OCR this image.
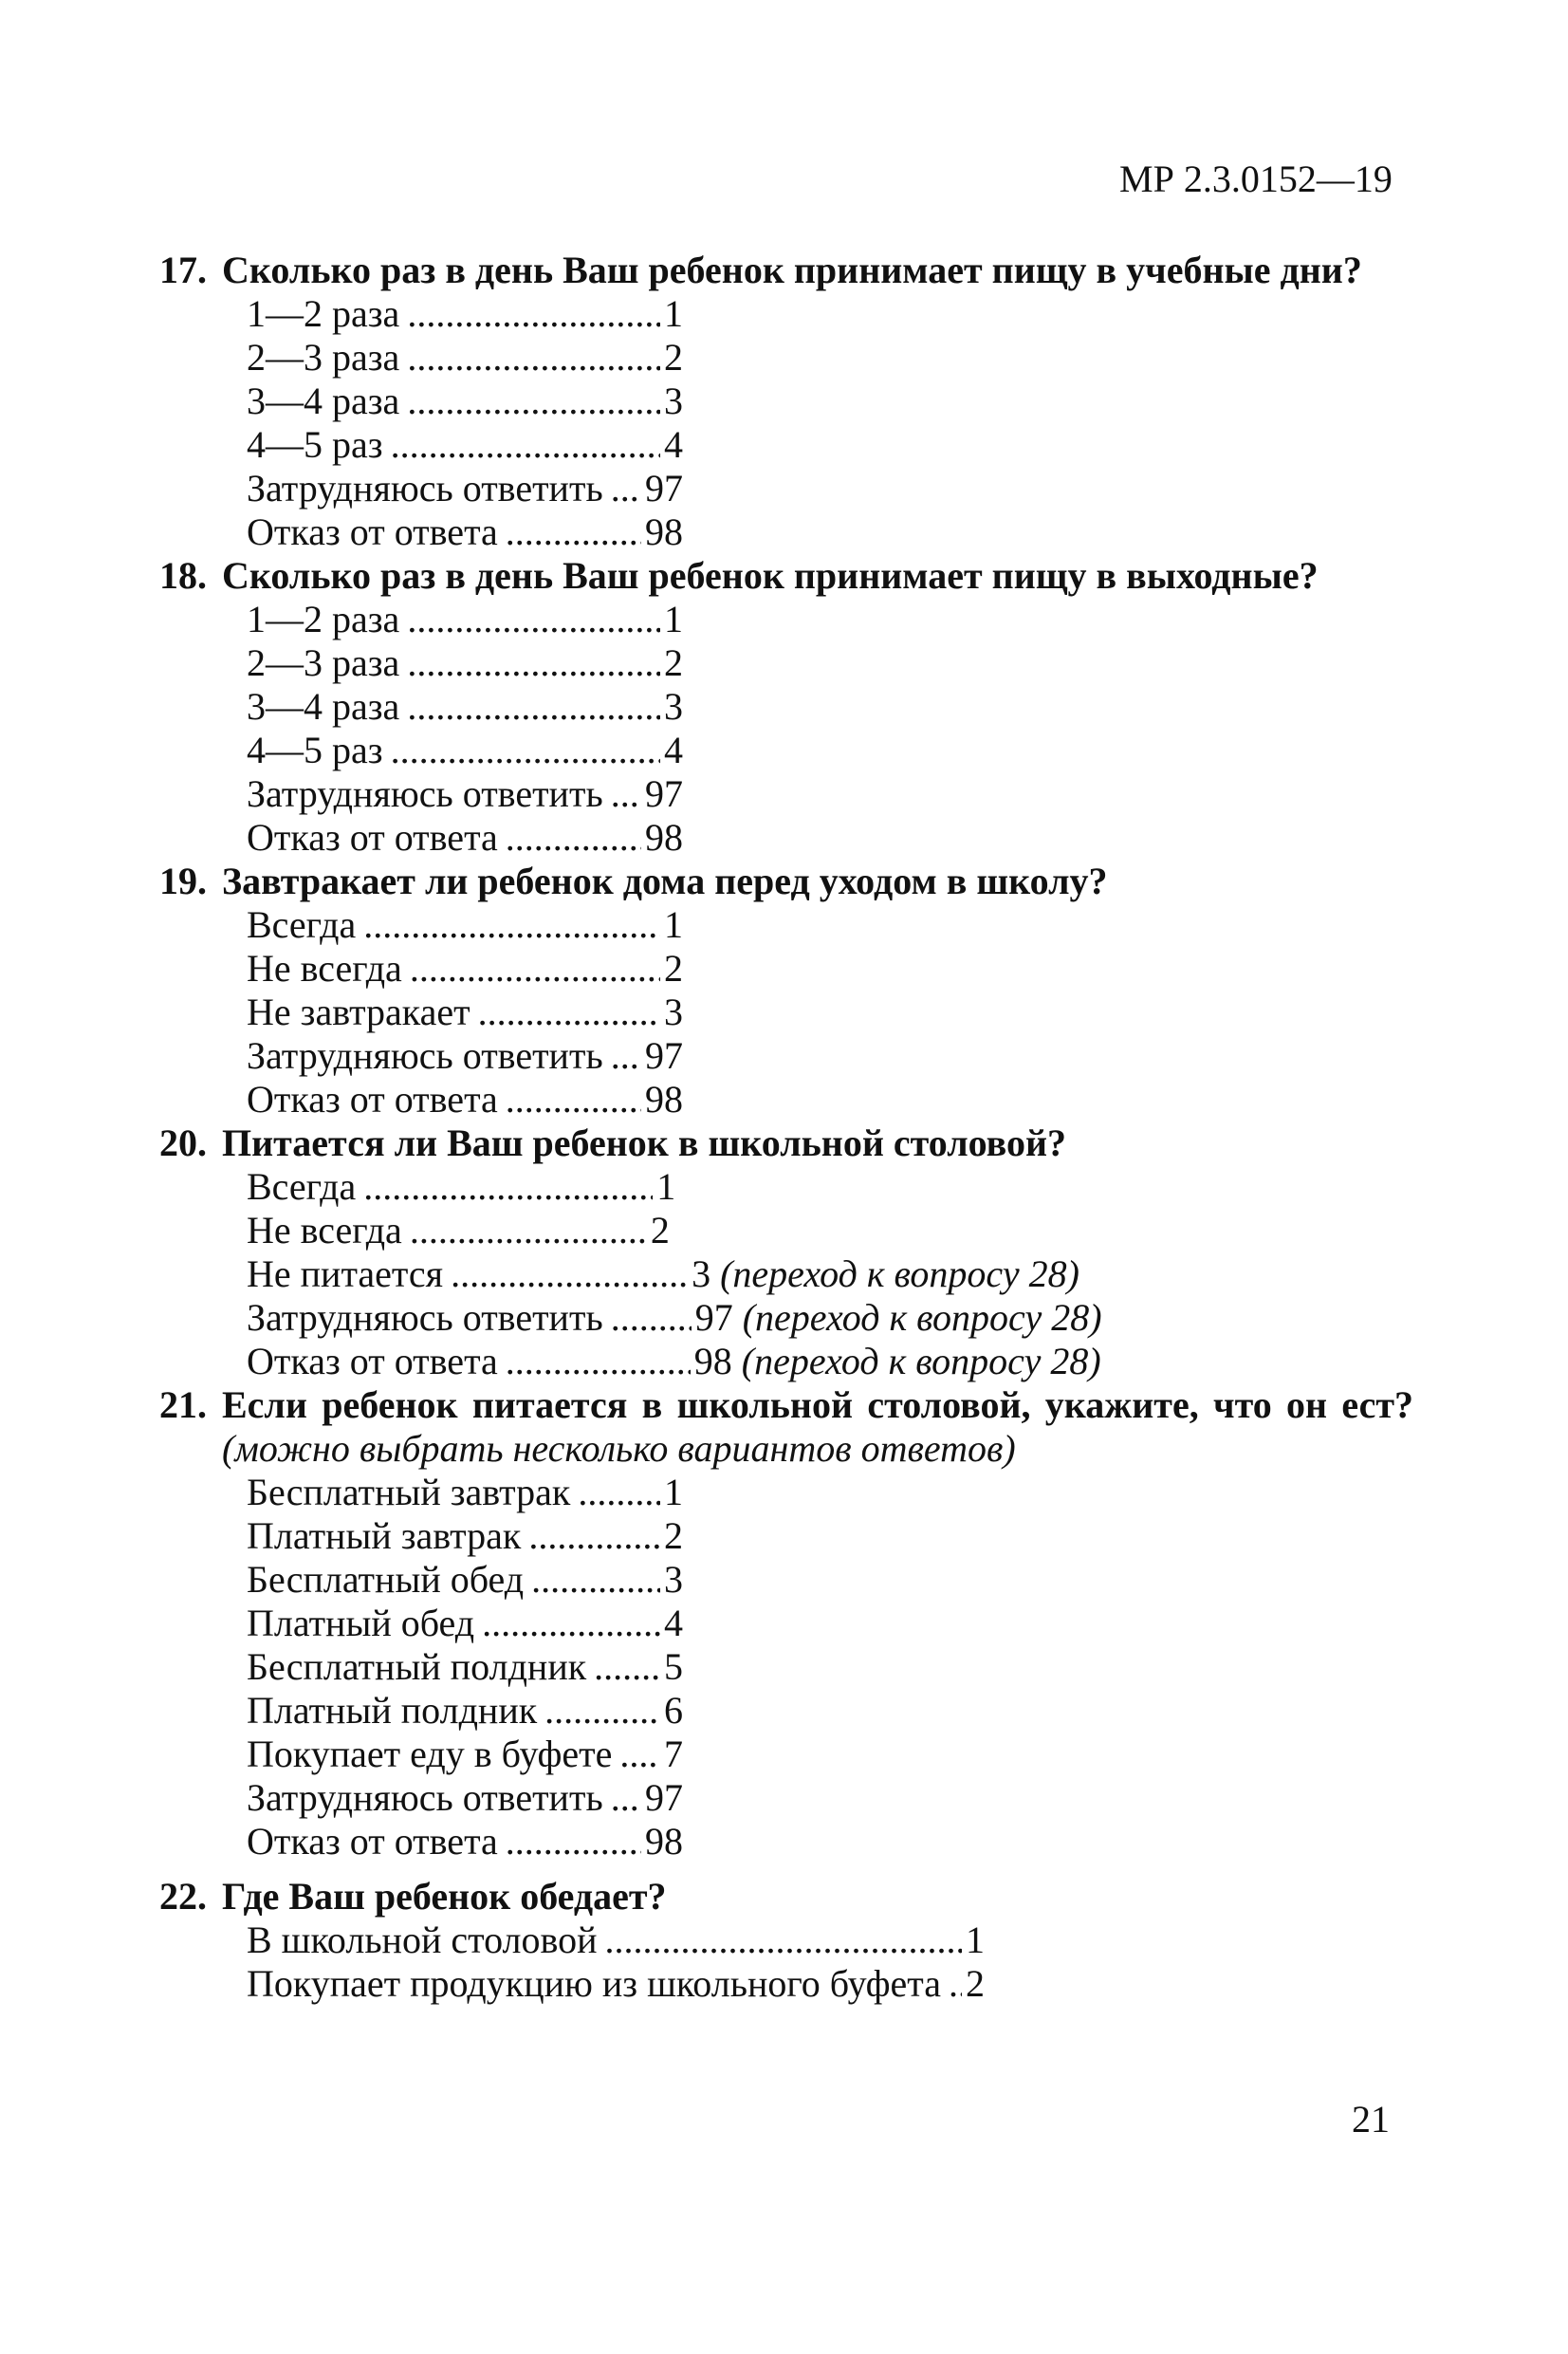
МР 2.3.0152—19
17. Сколько раз в день Ваш ребенок принимает пищу в учебные дни?
1—2 раза .....	1
2—3 раза .....	2
3—4 раза .....	3
4—5 раз .....	4
Затрудняюсь ответить ..... 97
Отказ от ответа .....	98
18. Сколько раз в день Ваш ребенок принимает пищу в выходные?
1—2 раза .....	1
2—3 раза .....	2
3—4 раза .....	3
4—5 раз .....	4
Затрудняюсь ответить ..... 97
Отказ от ответа .....	98
19. Завтракает ли ребенок дома перед уходом в школу?
Всегда .....	1
Не всегда .....	2
Не завтракает .....	3
Затрудняюсь ответить ..... 97
Отказ от ответа .....	98
20. Питается ли Ваш ребенок в школьной столовой?
Всегда .....	1
Не всегда .....	2
Не питается .....	3 (переход к вопросу 28)
Затрудняюсь ответить ..... 97 (переход к вопросу 28)
Отказ от ответа .....	98 (переход к вопросу 28)
21. Если ребенок питается в школьной столовой, укажите, что он ест? (можно выбрать несколько вариантов ответов)
Бесплатный завтрак ..... 1
Платный завтрак .....	2
Бесплатный обед .....	3
Платный обед .....	4
Бесплатный полдник ..... 5
Платный полдник .....	6
Покупает еду в буфете ..... 7
Затрудняюсь ответить ..... 97
Отказ от ответа .....	98
22. Где Ваш ребенок обедает?
В школьной столовой .....	1
Покупает продукцию из школьного буфета ..... 2
21
